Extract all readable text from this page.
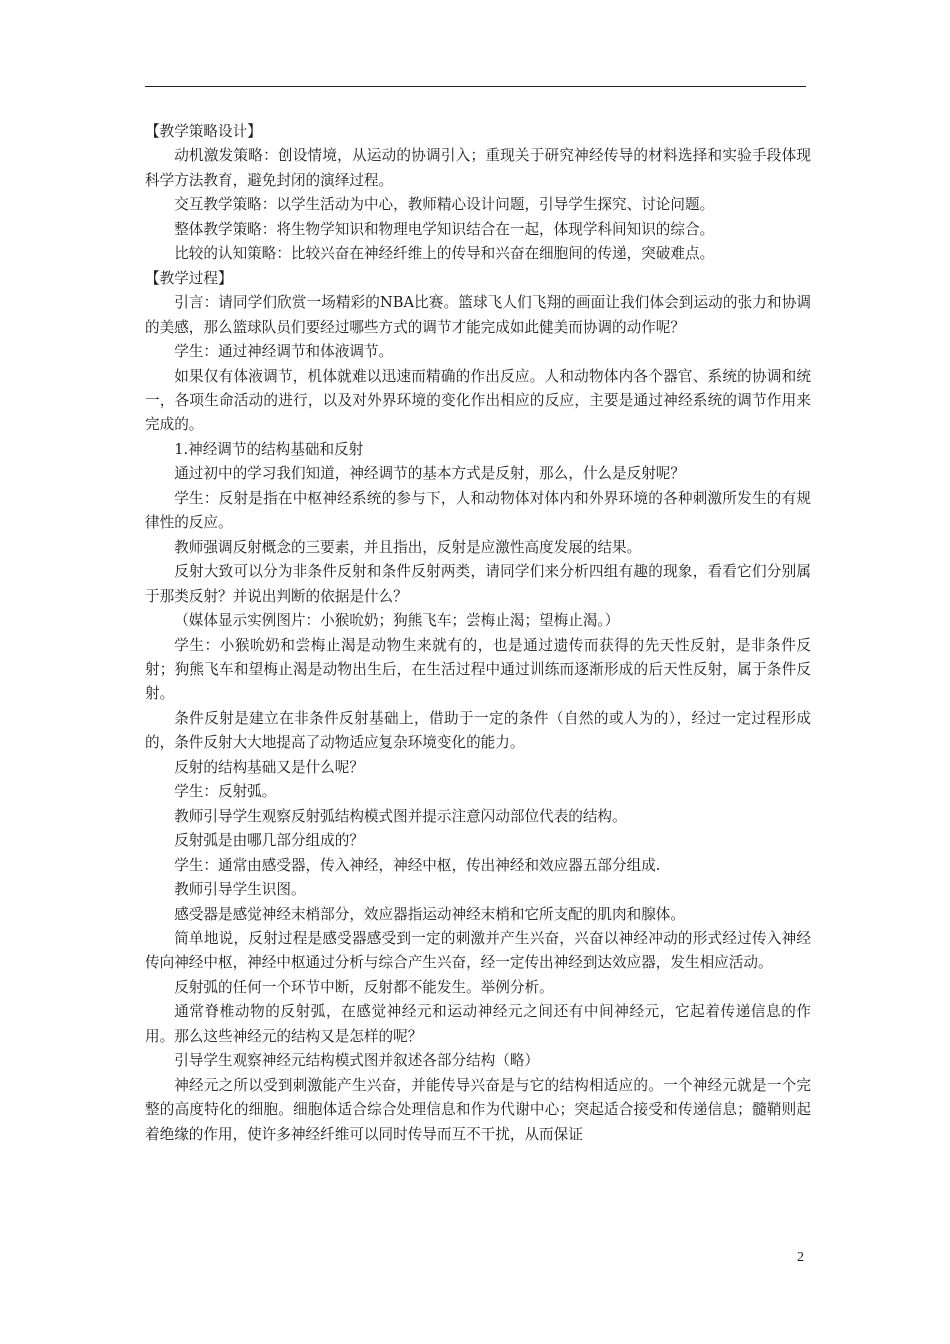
【教学策略设计】

动机激发策略：创设情境，从运动的协调引入；重现关于研究神经传导的材料选择和实验手段体现科学方法教育，避免封闭的演绎过程。

交互教学策略：以学生活动为中心，教师精心设计问题，引导学生探究、讨论问题。

整体教学策略：将生物学知识和物理电学知识结合在一起，体现学科间知识的综合。

比较的认知策略：比较兴奋在神经纤维上的传导和兴奋在细胞间的传递，突破难点。

【教学过程】

引言：请同学们欣赏一场精彩的NBA比赛。篮球飞人们飞翔的画面让我们体会到运动的张力和协调的美感，那么篮球队员们要经过哪些方式的调节才能完成如此健美而协调的动作呢？

学生：通过神经调节和体液调节。

如果仅有体液调节，机体就难以迅速而精确的作出反应。人和动物体内各个器官、系统的协调和统一，各项生命活动的进行，以及对外界环境的变化作出相应的反应，主要是通过神经系统的调节作用来完成的。

1.神经调节的结构基础和反射

通过初中的学习我们知道，神经调节的基本方式是反射，那么，什么是反射呢？

学生：反射是指在中枢神经系统的参与下，人和动物体对体内和外界环境的各种刺激所发生的有规律性的反应。

教师强调反射概念的三要素，并且指出，反射是应激性高度发展的结果。

反射大致可以分为非条件反射和条件反射两类，请同学们来分析四组有趣的现象，看看它们分别属于那类反射？并说出判断的依据是什么？

（媒体显示实例图片：小猴吮奶；狗熊飞车；尝梅止渴；望梅止渴。）

学生：小猴吮奶和尝梅止渴是动物生来就有的，也是通过遗传而获得的先天性反射，是非条件反射；狗熊飞车和望梅止渴是动物出生后，在生活过程中通过训练而逐渐形成的后天性反射，属于条件反射。

条件反射是建立在非条件反射基础上，借助于一定的条件（自然的或人为的），经过一定过程形成的，条件反射大大地提高了动物适应复杂环境变化的能力。

反射的结构基础又是什么呢？

学生：反射弧。

教师引导学生观察反射弧结构模式图并提示注意闪动部位代表的结构。

反射弧是由哪几部分组成的？

学生：通常由感受器，传入神经，神经中枢，传出神经和效应器五部分组成.

教师引导学生识图。

感受器是感觉神经末梢部分，效应器指运动神经末梢和它所支配的肌肉和腺体。

简单地说，反射过程是感受器感受到一定的刺激并产生兴奋，兴奋以神经冲动的形式经过传入神经传向神经中枢，神经中枢通过分析与综合产生兴奋，经一定传出神经到达效应器，发生相应活动。

反射弧的任何一个环节中断，反射都不能发生。举例分析。

通常脊椎动物的反射弧，在感觉神经元和运动神经元之间还有中间神经元，它起着传递信息的作用。那么这些神经元的结构又是怎样的呢？

引导学生观察神经元结构模式图并叙述各部分结构（略）

神经元之所以受到刺激能产生兴奋，并能传导兴奋是与它的结构相适应的。一个神经元就是一个完整的高度特化的细胞。细胞体适合综合处理信息和作为代谢中心；突起适合接受和传递信息；髓鞘则起着绝缘的作用，使许多神经纤维可以同时传导而互不干扰，从而保证

2
